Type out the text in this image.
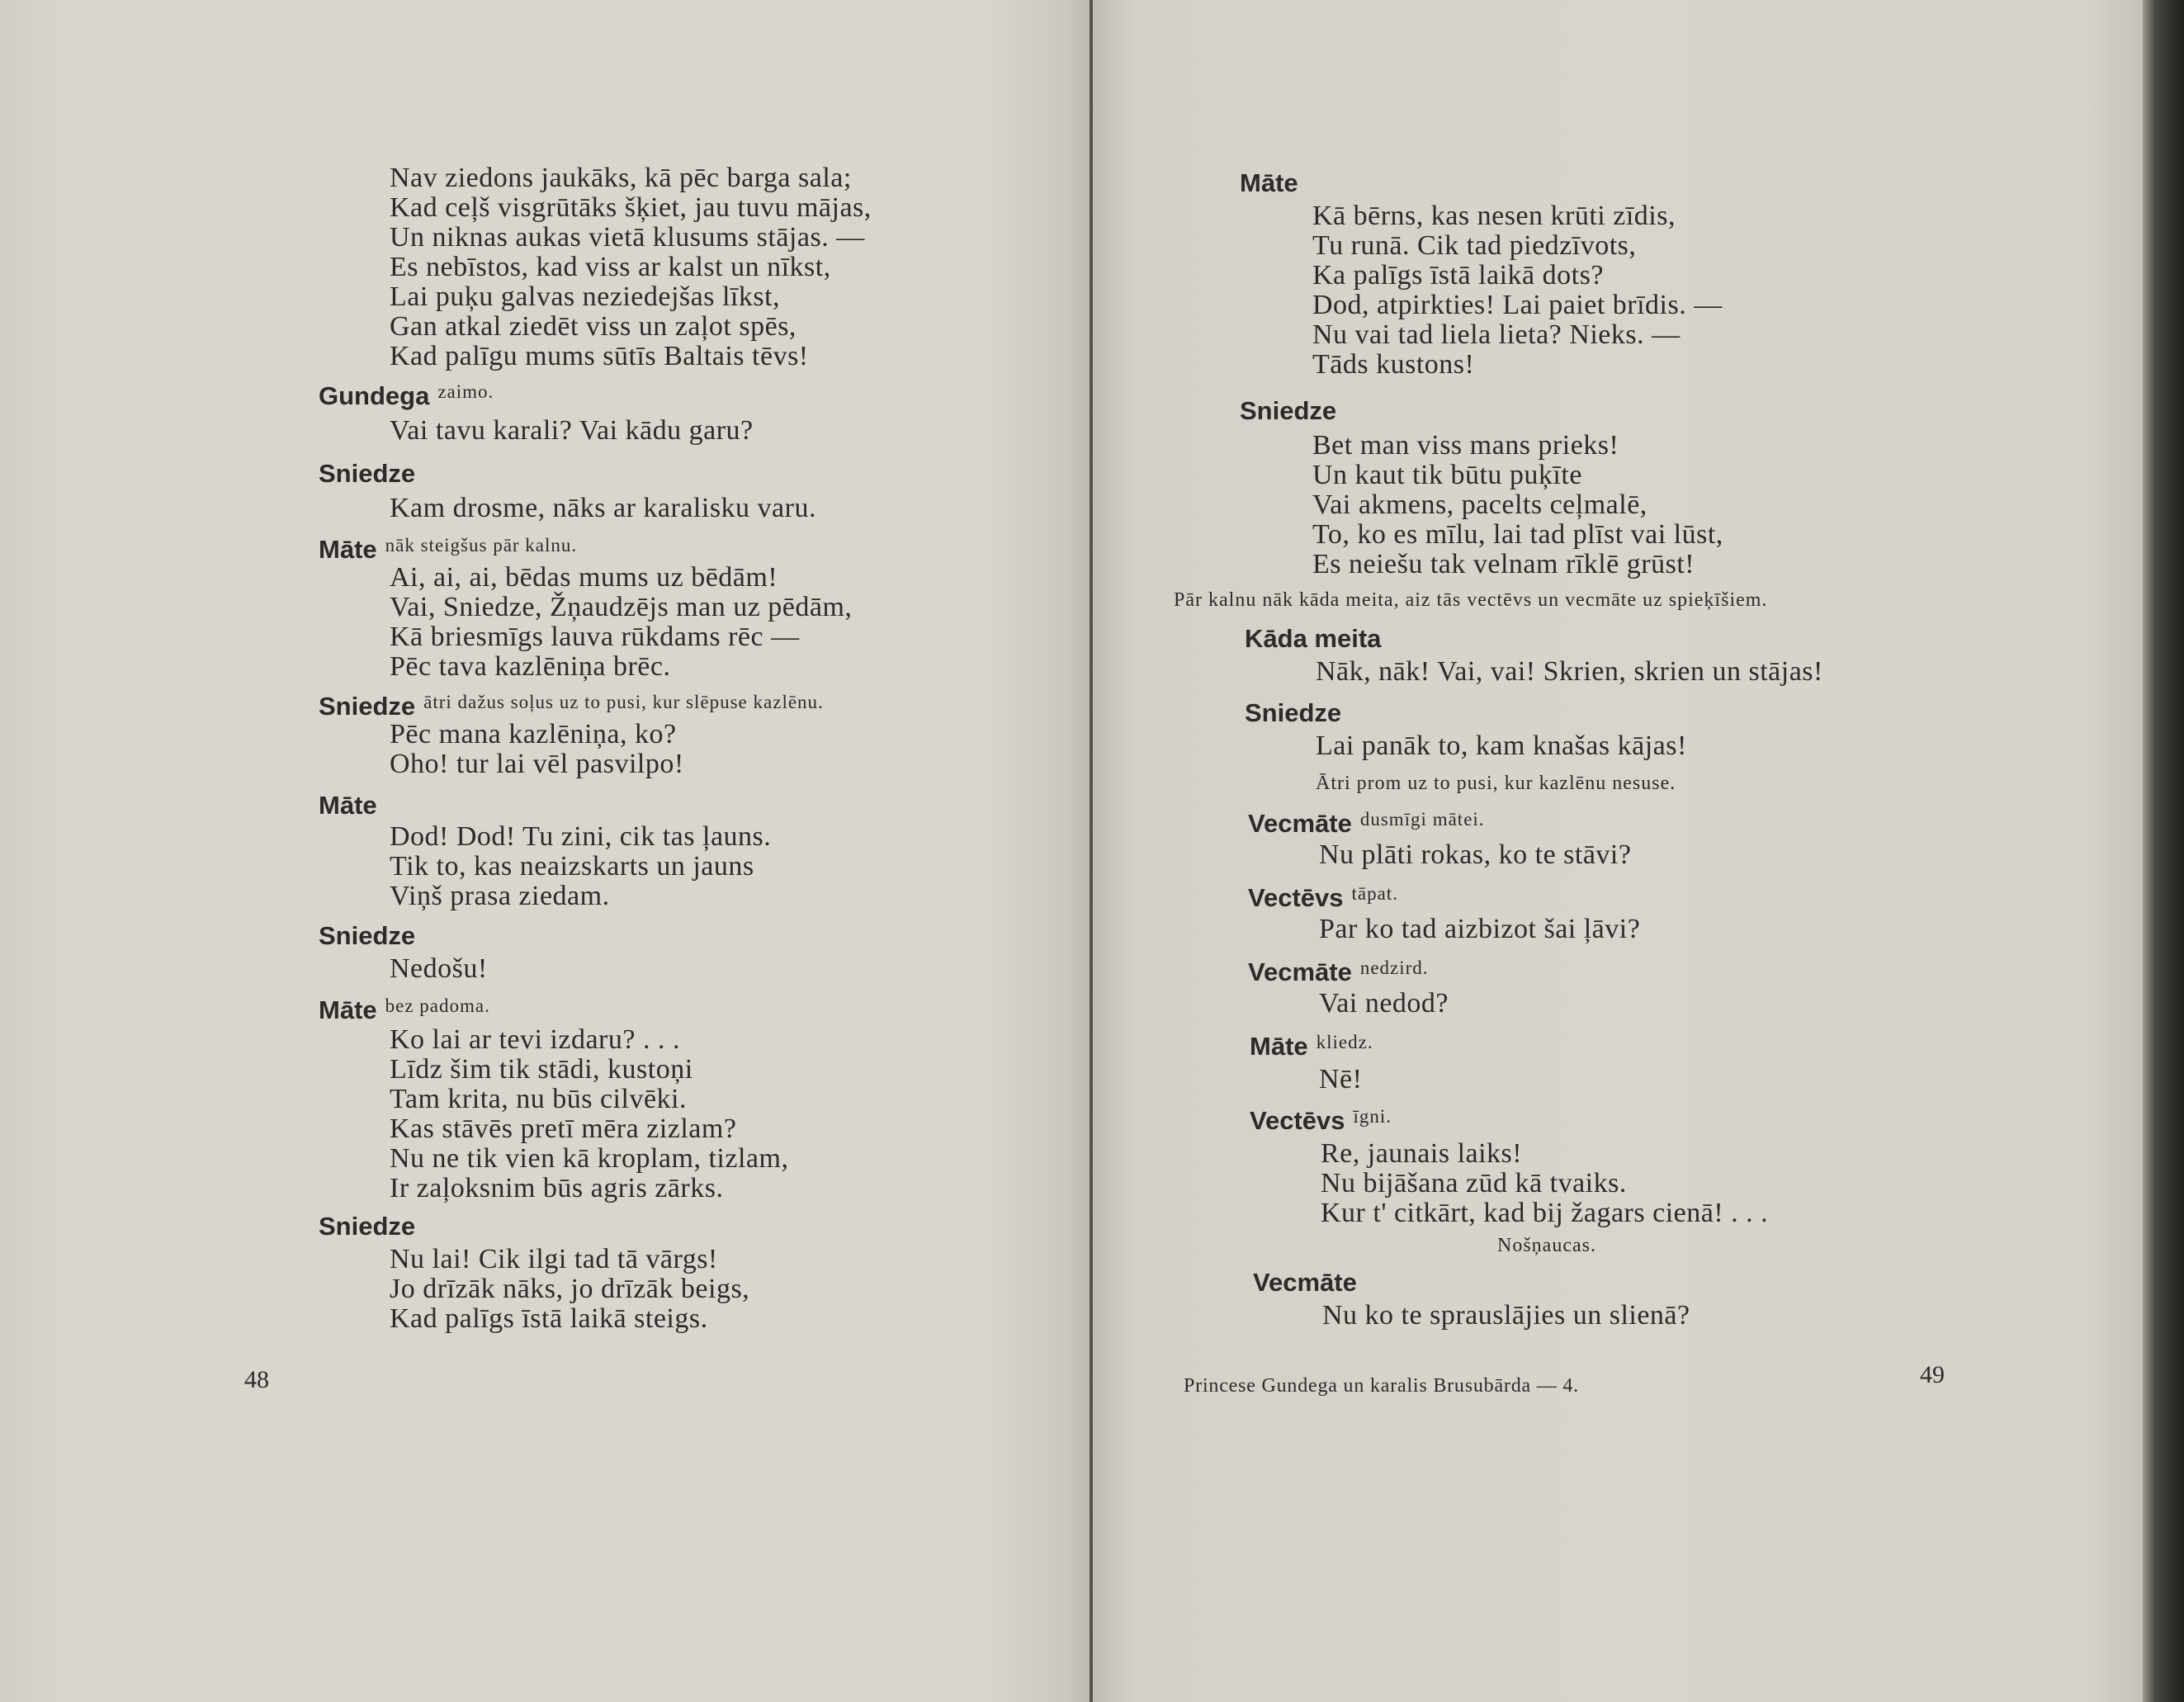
Nav ziedons jaukāks, kā pēc barga sala;
Kad ceļš visgrūtāks šķiet, jau tuvu mājas,
Un niknas aukas vietā klusums stājas. —
Es nebīstos, kad viss ar kalst un nīkst,
Lai puķu galvas neziedejšas līkst,
Gan atkal ziedēt viss un zaļot spēs,
Kad palīgu mums sūtīs Baltais tēvs!
Gundega $^{zaimo.}$
Vai tavu karali? Vai kādu garu?
Sniedze
Kam drosme, nāks ar karalisku varu.
Māte $^{nāk steigšus pār kalnu.}$
Ai, ai, ai, bēdas mums uz bēdām!
Vai, Sniedze, Žņaudzējs man uz pēdām,
Kā briesmīgs lauva rūkdams rēc —
Pēc tava kazlēniņa brēc.
Sniedze $^{ātri dažus soļus uz to pusi, kur slēpuse kazlēnu.}$
Pēc mana kazlēniņa, ko?
Oho! tur lai vēl pasvilpo!
Māte
Dod! Dod! Tu zini, cik tas ļauns.
Tik to, kas neaizskarts un jauns
Viņš prasa ziedam.
Sniedze
Nedošu!
Māte $^{bez padoma.}$
Ko lai ar tevi izdaru? . . .
Līdz šim tik stādi, kustoņi
Tam krita, nu būs cilvēki.
Kas stāvēs pretī mēra zizlam?
Nu ne tik vien kā kroplam, tizlam,
Ir zaļoksnim būs agris zārks.
Sniedze
Nu lai! Cik ilgi tad tā vārgs!
Jo drīzāk nāks, jo drīzāk beigs,
Kad palīgs īstā laikā steigs.
48
Māte
Kā bērns, kas nesen krūti zīdis,
Tu runā. Cik tad piedzīvots,
Ka palīgs īstā laikā dots?
Dod, atpirkties! Lai paiet brīdis. —
Nu vai tad liela lieta? Nieks. —
Tāds kustons!
Sniedze
Bet man viss mans prieks!
Un kaut tik būtu puķīte
Vai akmens, pacelts ceļmalē,
To, ko es mīlu, lai tad plīst vai lūst,
Es neiešu tak velnam rīklē grūst!
Pār kalnu nāk kāda meita, aiz tās vectēvs un vecmāte uz spieķīšiem.
Kāda meita
Nāk, nāk! Vai, vai! Skrien, skrien un stājas!
Sniedze
Lai panāk to, kam knašas kājas!
Ātri prom uz to pusi, kur kazlēnu nesuse.
Vecmāte $^{dusmīgi mātei.}$
Nu plāti rokas, ko te stāvi?
Vectēvs $^{tāpat.}$
Par ko tad aizbizot šai ļāvi?
Vecmāte $^{nedzird.}$
Vai nedod?
Māte $^{kliedz.}$
Nē!
Vectēvs $^{īgni.}$
Re, jaunais laiks!
Nu bijāšana zūd kā tvaiks.
Kur t' citkārt, kad bij žagars cienā! . . .
Nošņaucas.
Vecmāte
Nu ko te sprauslājies un slienā?
Princese Gundega un karalis Brusubārda — 4.	49
